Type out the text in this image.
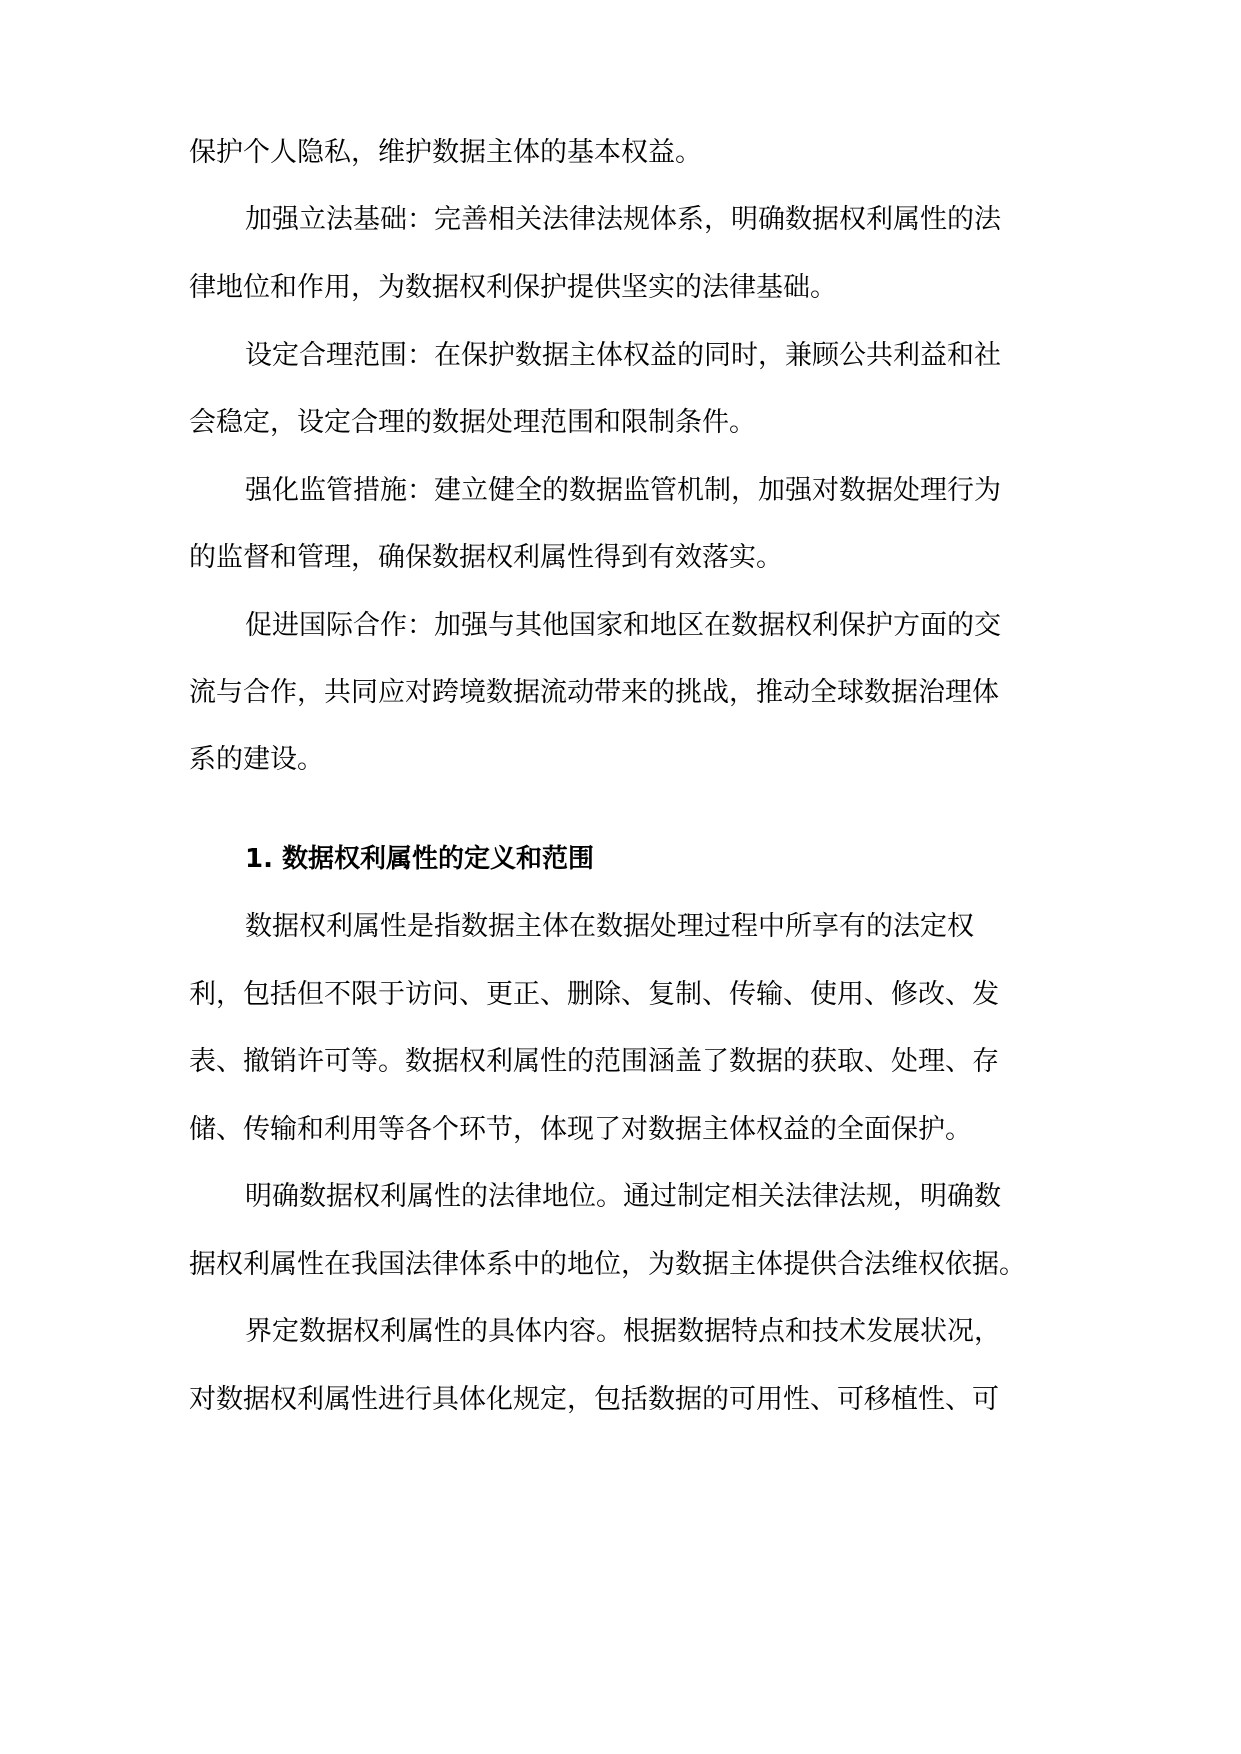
保护个人隐私，维护数据主体的基本权益。

加强立法基础：完善相关法律法规体系，明确数据权利属性的法

律地位和作用，为数据权利保护提供坚实的法律基础。

设定合理范围：在保护数据主体权益的同时，兼顾公共利益和社

会稳定，设定合理的数据处理范围和限制条件。

强化监管措施：建立健全的数据监管机制，加强对数据处理行为

的监督和管理，确保数据权利属性得到有效落实。

促进国际合作：加强与其他国家和地区在数据权利保护方面的交

流与合作，共同应对跨境数据流动带来的挑战，推动全球数据治理体

系的建设。

1. 数据权利属性的定义和范围

数据权利属性是指数据主体在数据处理过程中所享有的法定权

利，包括但不限于访问、更正、删除、复制、传输、使用、修改、发

表、撤销许可等。数据权利属性的范围涵盖了数据的获取、处理、存

储、传输和利用等各个环节，体现了对数据主体权益的全面保护。

明确数据权利属性的法律地位。通过制定相关法律法规，明确数

据权利属性在我国法律体系中的地位，为数据主体提供合法维权依据。

界定数据权利属性的具体内容。根据数据特点和技术发展状况，

对数据权利属性进行具体化规定，包括数据的可用性、可移植性、可
